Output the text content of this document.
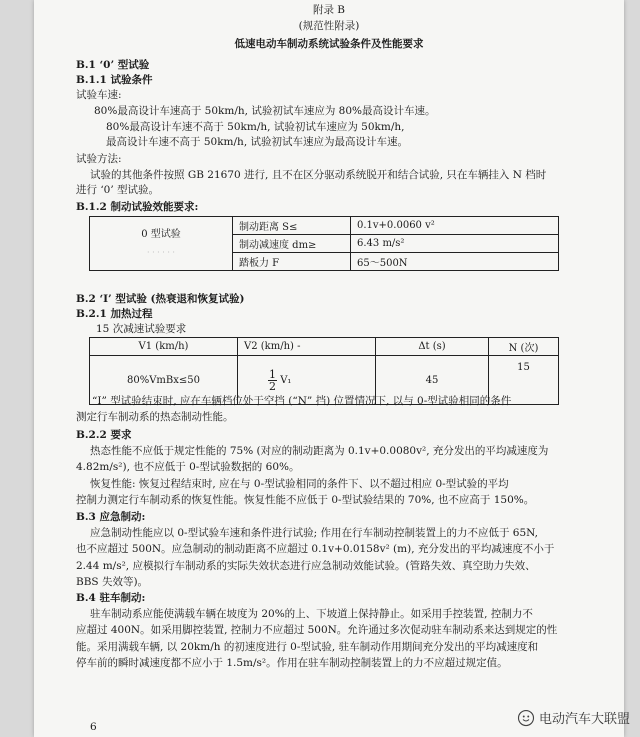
附录 B
(规范性附录)
低速电动车制动系统试验条件及性能要求
B.1 ‘0’ 型试验
B.1.1 试验条件
试验车速:
80%最高设计车速高于 50km/h, 试验初试车速应为 80%最高设计车速。
80%最高设计车速不高于 50km/h, 试验初试车速应为 50km/h,
最高设计车速不高于 50km/h, 试验初试车速应为最高设计车速。
试验方法:
试验的其他条件按照 GB 21670 进行, 且不在区分驱动系统脱开和结合试验, 只在车辆挂入 N 档时
进行 ‘0’ 型试验。
B.1.2 制动试验效能要求:
0 型试验
· · · · · ·	制动距离 S≤	0.1v+0.0060 v²
	制动减速度 dm≥	6.43 m/s²
	踏板力 F	65～500N
B.2 ‘I’ 型试验 (热衰退和恢复试验)
B.2.1 加热过程
15 次减速试验要求
V1 (km/h)	V2 (km/h) -	Δt (s)	N (次)
80%VmBx≤50	$\frac{1}{2} V_1$	45	15
“I” 型试验结束时, 应在车辆档位处于空挡 (“N” 挡) 位置情况下, 以与 0-型试验相同的条件
测定行车制动系的热态制动性能。
B.2.2 要求
热态性能不应低于规定性能的 75% (对应的制动距离为 0.1v+0.0080v², 充分发出的平均减速度为
4.82m/s²), 也不应低于 0-型试验数据的 60%。
恢复性能: 恢复过程结束时, 应在与 0-型试验相同的条件下、以不超过相应 0-型试验的平均
控制力测定行车制动系的恢复性能。恢复性能不应低于 0-型试验结果的 70%, 也不应高于 150%。
B.3 应急制动:
应急制动性能应以 0-型试验车速和条件进行试验; 作用在行车制动控制装置上的力不应低于 65N,
也不应超过 500N。应急制动的制动距离不应超过 0.1v+0.0158v² (m), 充分发出的平均减速度不小于
2.44 m/s², 应模拟行车制动系的实际失效状态进行应急制动效能试验。(管路失效、真空助力失效、
BBS 失效等)。
B.4 驻车制动:
驻车制动系应能使满载车辆在坡度为 20%的上、下坡道上保持静止。如采用手控装置, 控制力不
应超过 400N。如采用脚控装置, 控制力不应超过 500N。允许通过多次促动驻车制动系来达到规定的性
能。采用满载车辆, 以 20km/h 的初速度进行 0-型试验, 驻车制动作用期间充分发出的平均减速度和
停车前的瞬时减速度都不应小于 1.5m/s²。作用在驻车制动控制装置上的力不应超过规定值。
6	电动汽车大联盟
